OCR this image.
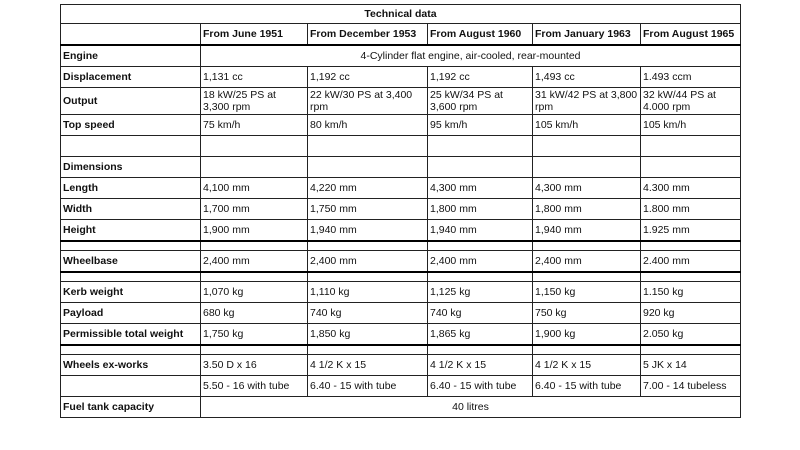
Technical data					
	From June 1951	From December 1953	From August 1960	From January 1963	From August 1965
Engine	4-Cylinder flat engine, air-cooled, rear-mounted				
Displacement	1,131 cc	1,192 cc	1,192 cc	1,493 cc	1.493 ccm
Output	18 kW/25 PS at 3,300 rpm	22 kW/30 PS at 3,400 rpm	25 kW/34 PS at 3,600 rpm	31 kW/42 PS at 3,800 rpm	32 kW/44 PS at 4.000 rpm
Top speed	75 km/h	80 km/h	95 km/h	105 km/h	105 km/h

Dimensions					
Length	4,100 mm	4,220 mm	4,300 mm	4,300 mm	4.300 mm
Width	1,700 mm	1,750 mm	1,800 mm	1,800 mm	1.800 mm
Height	1,900 mm	1,940 mm	1,940 mm	1,940 mm	1.925 mm

Wheelbase	2,400 mm	2,400 mm	2,400 mm	2,400 mm	2.400 mm

Kerb weight	1,070 kg	1,110 kg	1,125 kg	1,150 kg	1.150 kg
Payload	680 kg	740 kg	740 kg	750 kg	920 kg
Permissible total weight	1,750 kg	1,850 kg	1,865 kg	1,900 kg	2.050 kg

Wheels ex-works	3.50 D x 16	4 1/2 K x 15	4 1/2 K x 15	4 1/2 K x 15	5 JK x 14
	5.50 - 16 with tube	6.40 - 15 with tube	6.40 - 15 with tube	6.40 - 15 with tube	7.00 - 14 tubeless
Fuel tank capacity	40 litres				
